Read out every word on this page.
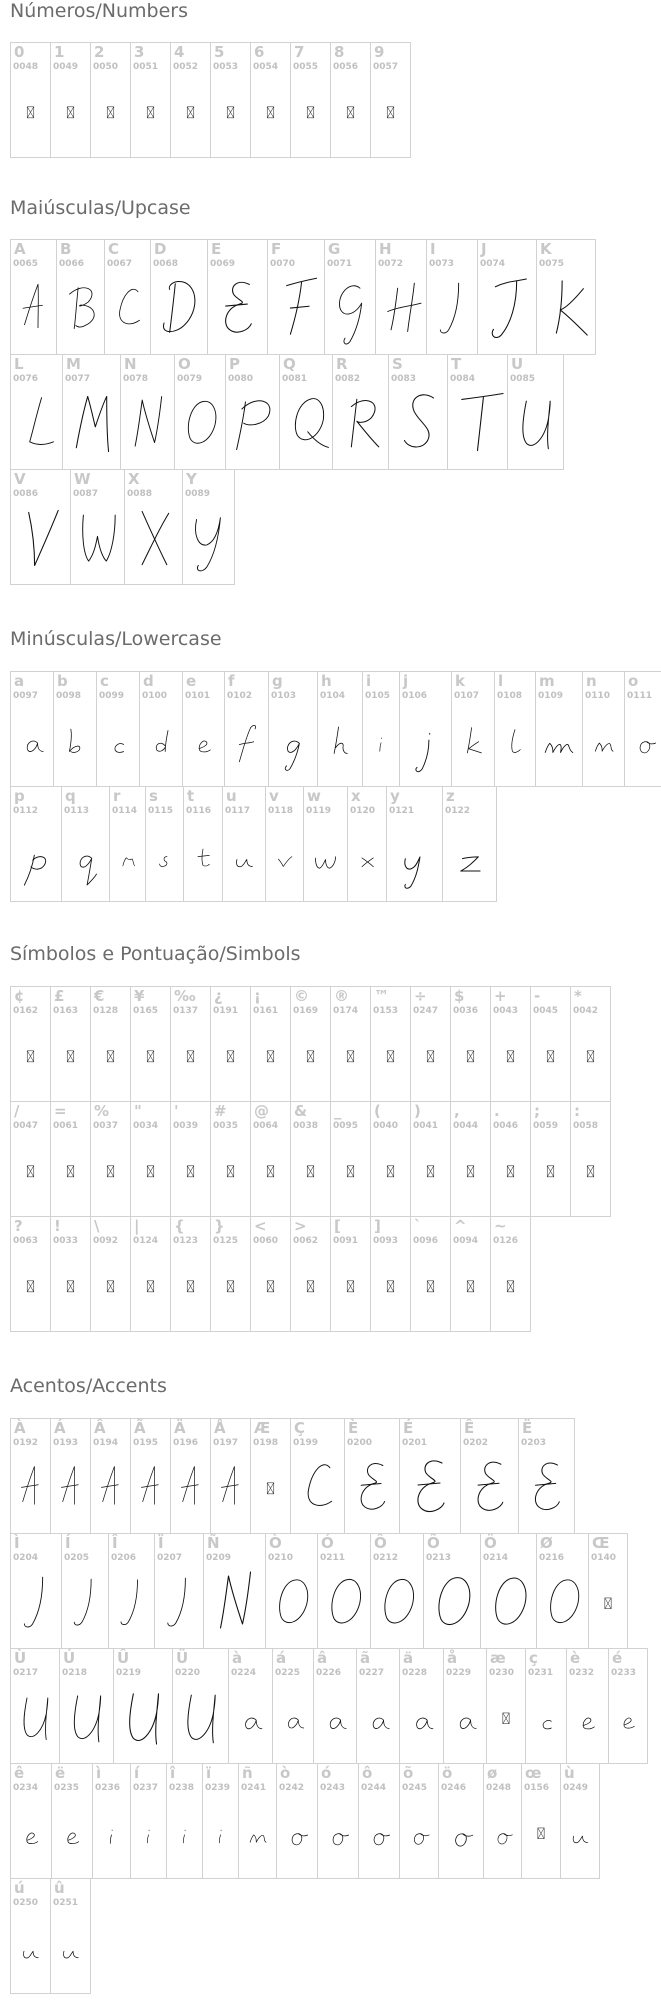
Números/Numbers
0
0048
1
0049
2
0050
3
0051
4
0052
5
0053
6
0054
7
0055
8
0056
9
0057
Maiúsculas/Upcase
A
0065
B
0066
C
0067
D
0068
E
0069
F
0070
G
0071
H
0072
I
0073
J
0074
K
0075
L
0076
M
0077
N
0078
O
0079
P
0080
Q
0081
R
0082
S
0083
T
0084
U
0085
V
0086
W
0087
X
0088
Y
0089
Minúsculas/Lowercase
a
0097
b
0098
c
0099
d
0100
e
0101
f
0102
g
0103
h
0104
i
0105
j
0106
k
0107
l
0108
m
0109
n
0110
o
0111
p
0112
q
0113
r
0114
s
0115
t
0116
u
0117
v
0118
w
0119
x
0120
y
0121
z
0122
Símbolos e Pontuação/Simbols
¢
0162
£
0163
€
0128
¥
0165
‰
0137
¿
0191
¡
0161
©
0169
®
0174
™
0153
÷
0247
$
0036
+
0043
-
0045
*
0042
/
0047
=
0061
%
0037
"
0034
'
0039
#
0035
@
0064
&
0038
_
0095
(
0040
)
0041
,
0044
.
0046
;
0059
:
0058
?
0063
!
0033
\
0092
|
0124
{
0123
}
0125
<
0060
>
0062
[
0091
]
0093
`
0096
^
0094
~
0126
Acentos/Accents
À
0192
Á
0193
Â
0194
Ã
0195
Ä
0196
Å
0197
Æ
0198
Ç
0199
È
0200
É
0201
Ê
0202
Ë
0203
Ì
0204
Í
0205
Î
0206
Ï
0207
Ñ
0209
Ò
0210
Ó
0211
Ô
0212
Õ
0213
Ö
0214
Ø
0216
Œ
0140
Ù
0217
Ú
0218
Û
0219
Ü
0220
à
0224
á
0225
â
0226
ã
0227
ä
0228
å
0229
æ
0230
ç
0231
è
0232
é
0233
ê
0234
ë
0235
ì
0236
í
0237
î
0238
ï
0239
ñ
0241
ò
0242
ó
0243
ô
0244
õ
0245
ö
0246
ø
0248
œ
0156
ù
0249
ú
0250
û
0251
